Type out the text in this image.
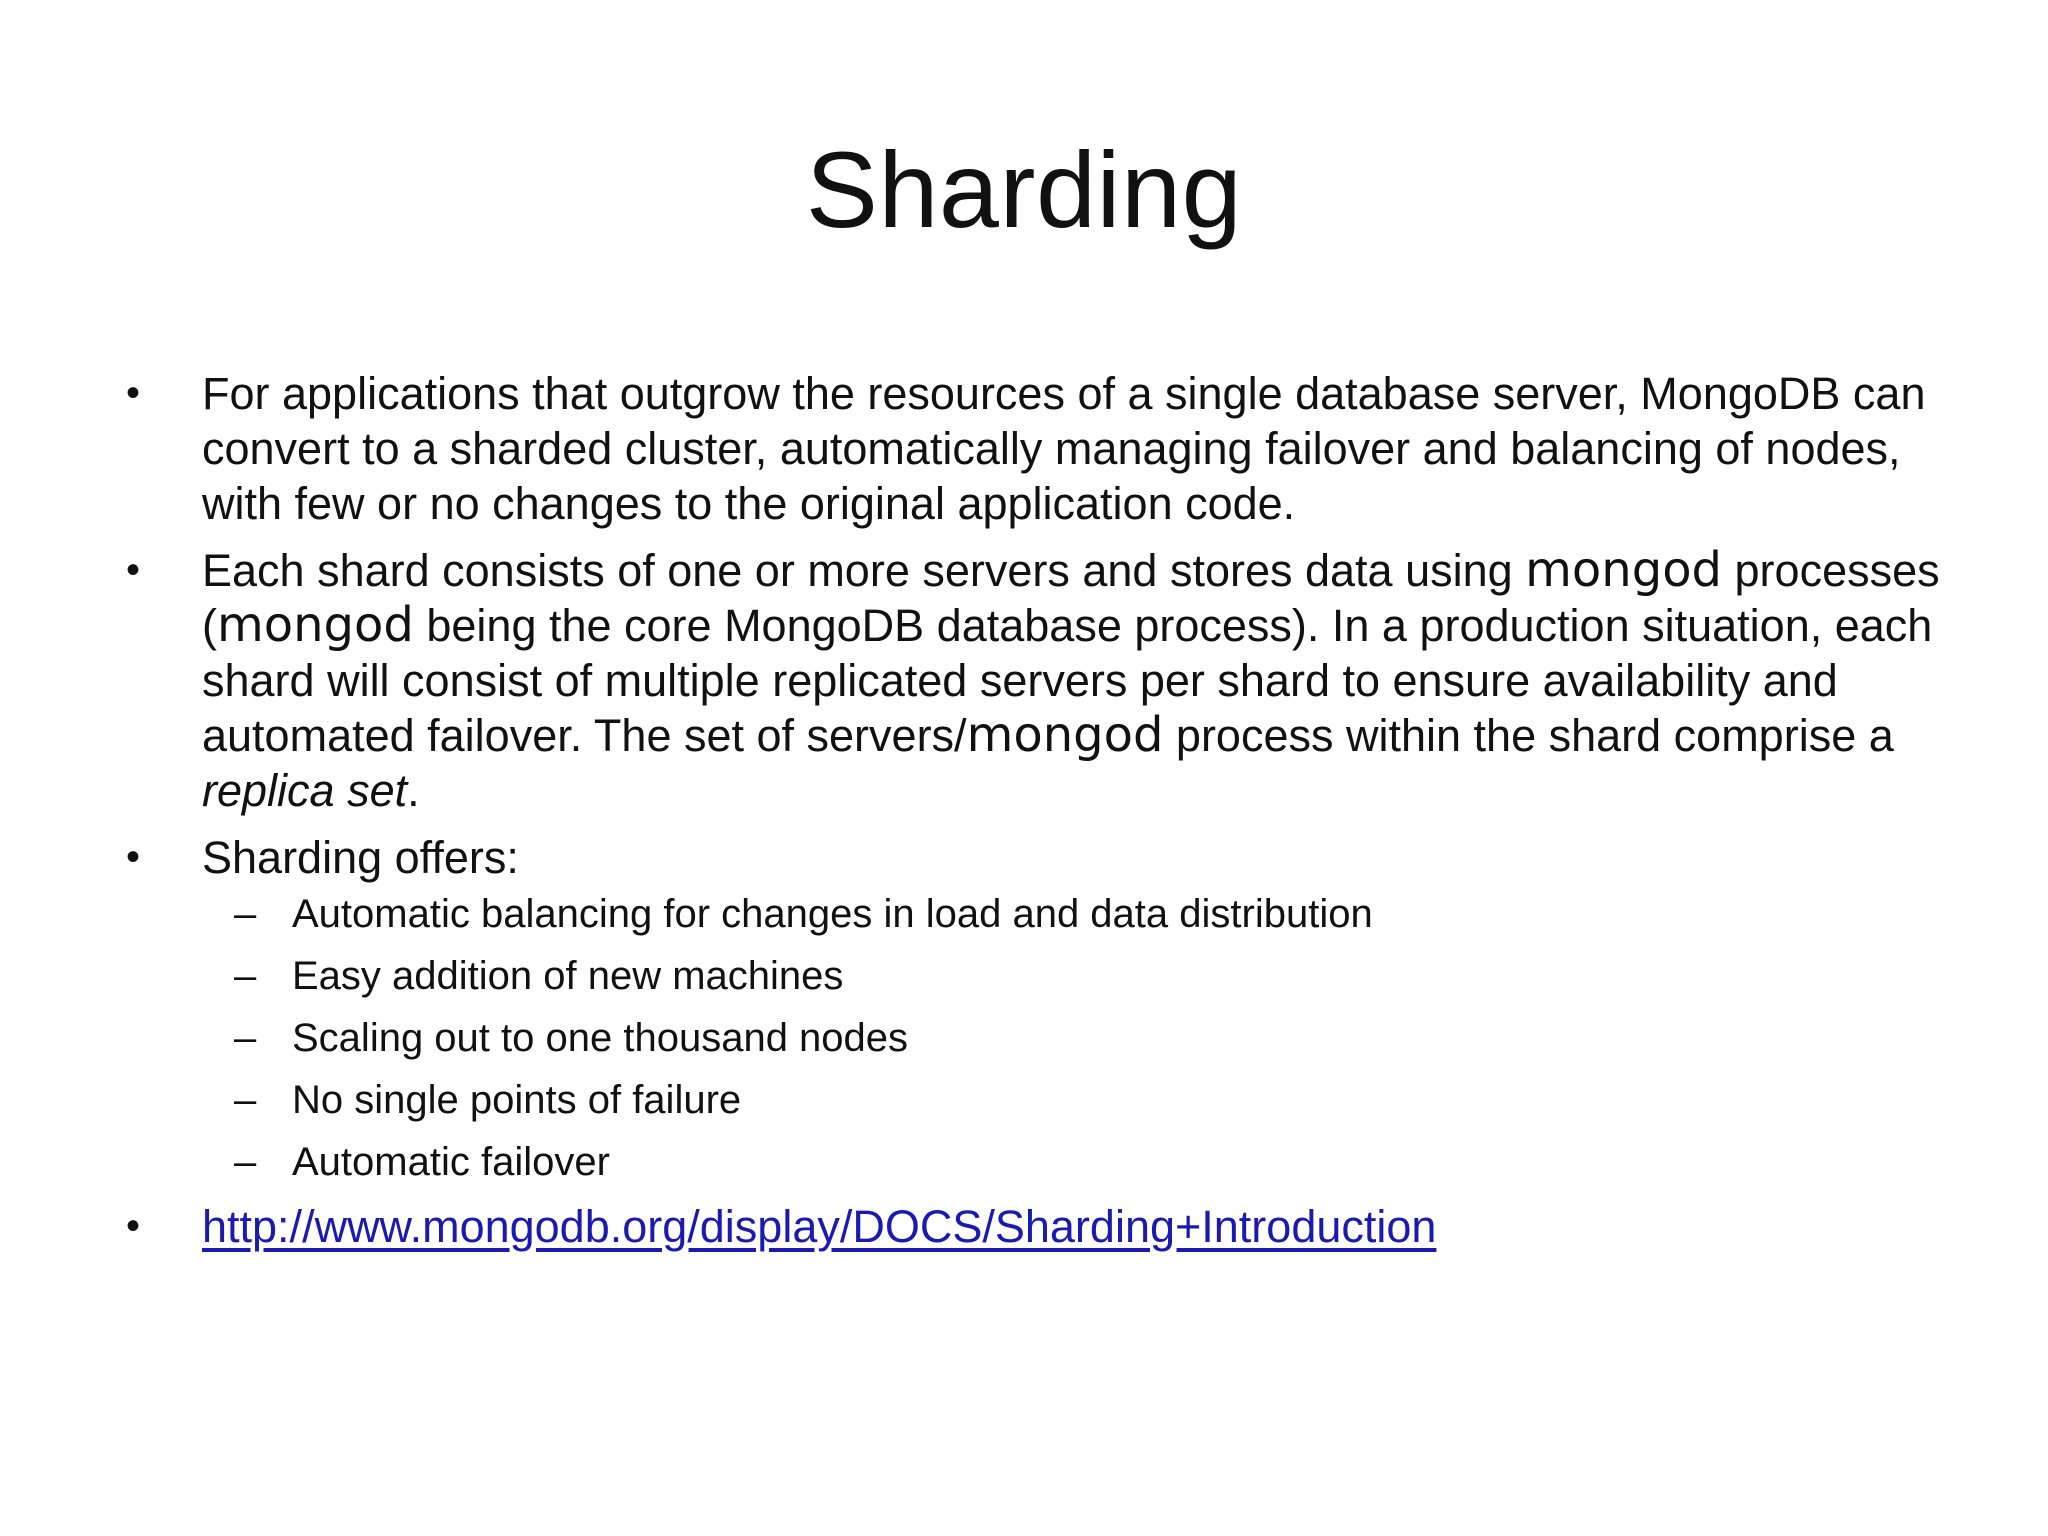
Sharding
•	For applications that outgrow the resources of a single database server, MongoDB can convert to a sharded cluster, automatically managing failover and balancing of nodes, with few or no changes to the original application code.
•	Each shard consists of one or more servers and stores data using mongod processes (mongod being the core MongoDB database process). In a production situation, each shard will consist of multiple replicated servers per shard to ensure availability and automated failover. The set of servers/mongod process within the shard comprise a replica set.
•	Sharding offers:
– Automatic balancing for changes in load and data distribution
– Easy addition of new machines
– Scaling out to one thousand nodes
– No single points of failure
– Automatic failover
•	http://www.mongodb.org/display/DOCS/Sharding+Introduction
